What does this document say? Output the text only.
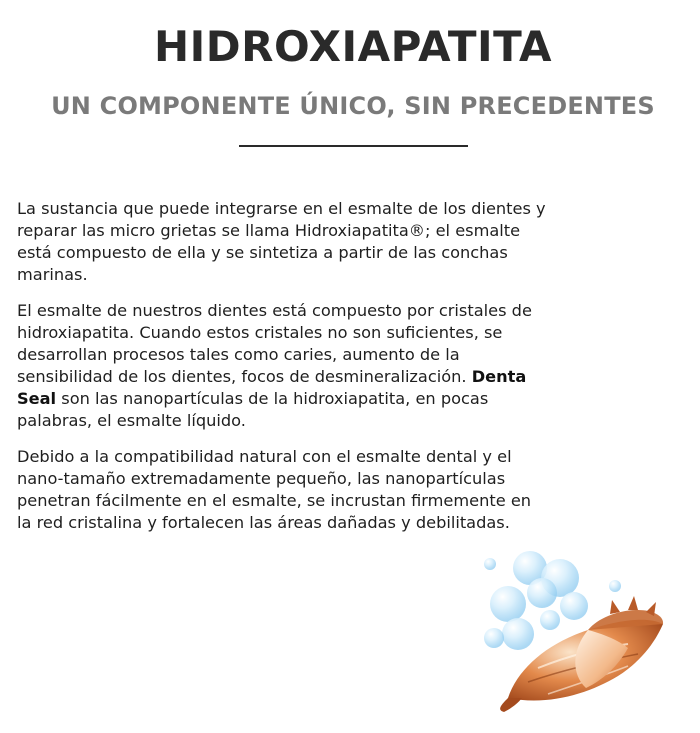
HIDROXIAPATITA
UN COMPONENTE ÚNICO, SIN PRECEDENTES

La sustancia que puede integrarse en el esmalte de los dientes y reparar las micro grietas se llama Hidroxiapatita®; el esmalte está compuesto de ella y se sintetiza a partir de las conchas marinas.

El esmalte de nuestros dientes está compuesto por cristales de hidroxiapatita. Cuando estos cristales no son suficientes, se desarrollan procesos tales como caries, aumento de la sensibilidad de los dientes, focos de desmineralización. Denta Seal son las nanopartículas de la hidroxiapatita, en pocas palabras, el esmalte líquido.

Debido a la compatibilidad natural con el esmalte dental y el nano-tamaño extremadamente pequeño, las nanopartículas penetran fácilmente en el esmalte, se incrustan firmemente en la red cristalina y fortalecen las áreas dañadas y debilitadas.
